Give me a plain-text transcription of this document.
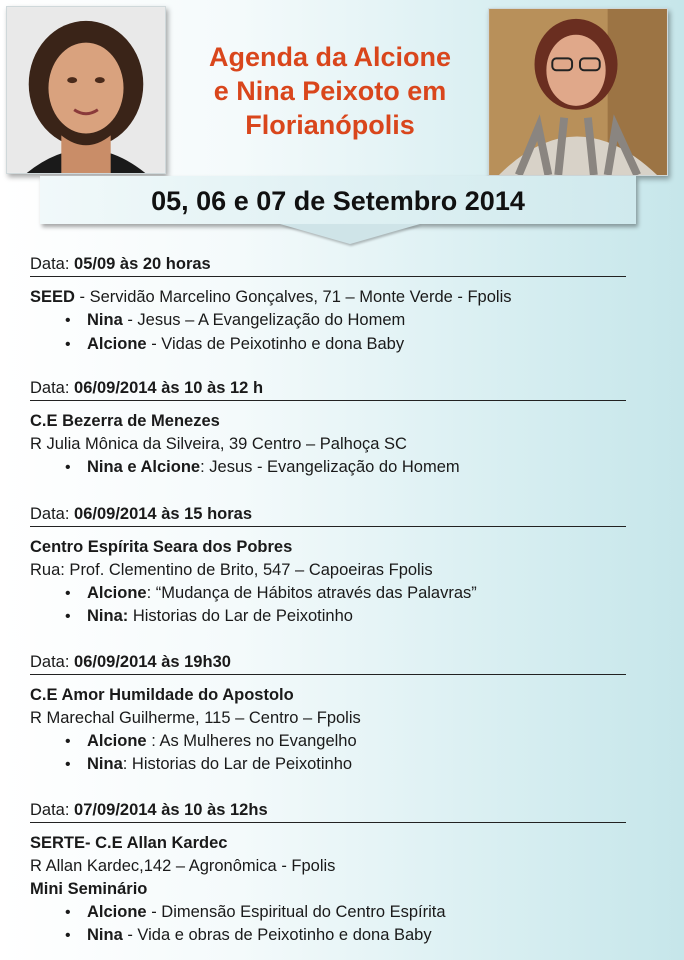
Agenda da Alcione
e Nina Peixoto em
Florianópolis
05, 06 e 07 de Setembro 2014
Data: 05/09 às 20 horas
SEED - Servidão Marcelino Gonçalves, 71 – Monte Verde - Fpolis
• Nina - Jesus – A Evangelização do Homem
• Alcione - Vidas de Peixotinho e dona Baby
Data: 06/09/2014 às 10 às 12 h
C.E Bezerra de Menezes
R Julia Mônica da Silveira, 39 Centro – Palhoça SC
• Nina e Alcione: Jesus - Evangelização do Homem
Data: 06/09/2014 às 15 horas
Centro Espírita Seara dos Pobres
Rua: Prof. Clementino de Brito, 547 – Capoeiras Fpolis
• Alcione: “Mudança de Hábitos através das Palavras”
• Nina: Historias do Lar de Peixotinho
Data: 06/09/2014 às 19h30
C.E Amor Humildade do Apostolo
R Marechal Guilherme, 115 – Centro – Fpolis
• Alcione : As Mulheres no Evangelho
• Nina: Historias do Lar de Peixotinho
Data: 07/09/2014 às 10 às 12hs
SERTE- C.E Allan Kardec
R Allan Kardec,142 – Agronômica - Fpolis
Mini Seminário
• Alcione - Dimensão Espiritual do Centro Espírita
• Nina - Vida e obras de Peixotinho e dona Baby
